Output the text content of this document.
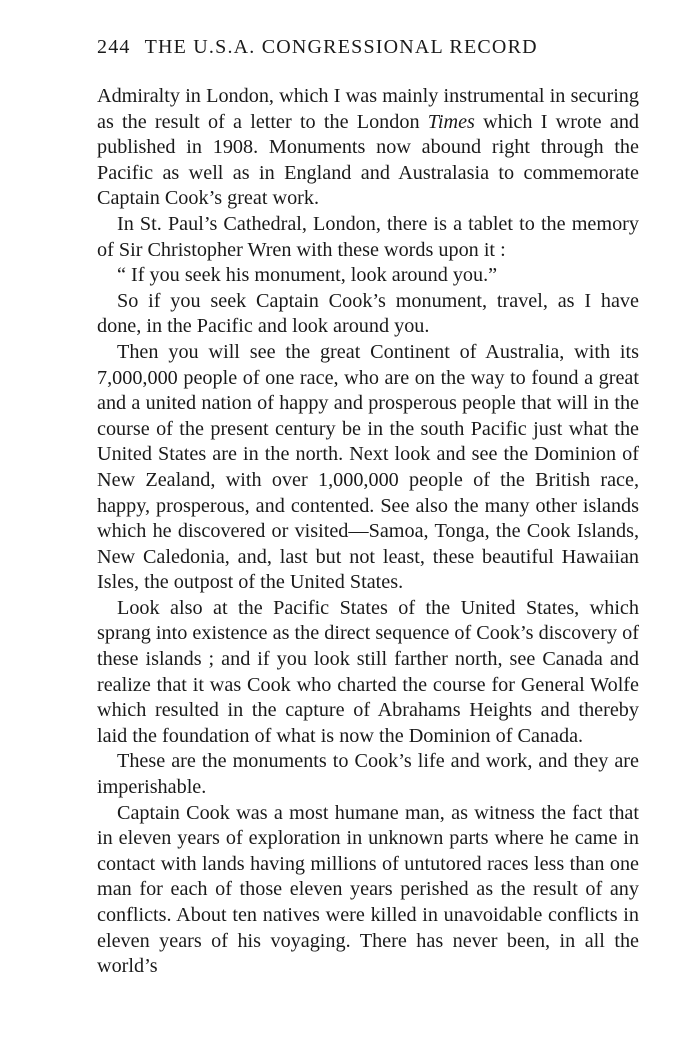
244 THE U.S.A. CONGRESSIONAL RECORD

Admiralty in London, which I was mainly instrumental in securing as the result of a letter to the London Times which I wrote and published in 1908. Monuments now abound right through the Pacific as well as in England and Australasia to commemorate Captain Cook’s great work.

In St. Paul’s Cathedral, London, there is a tablet to the memory of Sir Christopher Wren with these words upon it :

“ If you seek his monument, look around you.”

So if you seek Captain Cook’s monument, travel, as I have done, in the Pacific and look around you.

Then you will see the great Continent of Australia, with its 7,000,000 people of one race, who are on the way to found a great and a united nation of happy and prosperous people that will in the course of the present century be in the south Pacific just what the United States are in the north. Next look and see the Dominion of New Zealand, with over 1,000,000 people of the British race, happy, prosperous, and contented. See also the many other islands which he discovered or visited—Samoa, Tonga, the Cook Islands, New Caledonia, and, last but not least, these beautiful Hawaiian Isles, the outpost of the United States.

Look also at the Pacific States of the United States, which sprang into existence as the direct sequence of Cook’s discovery of these islands ; and if you look still farther north, see Canada and realize that it was Cook who charted the course for General Wolfe which resulted in the capture of Abrahams Heights and thereby laid the foundation of what is now the Dominion of Canada.

These are the monuments to Cook’s life and work, and they are imperishable.

Captain Cook was a most humane man, as witness the fact that in eleven years of exploration in unknown parts where he came in contact with lands having millions of untutored races less than one man for each of those eleven years perished as the result of any conflicts. About ten natives were killed in unavoidable conflicts in eleven years of his voyaging. There has never been, in all the world’s
